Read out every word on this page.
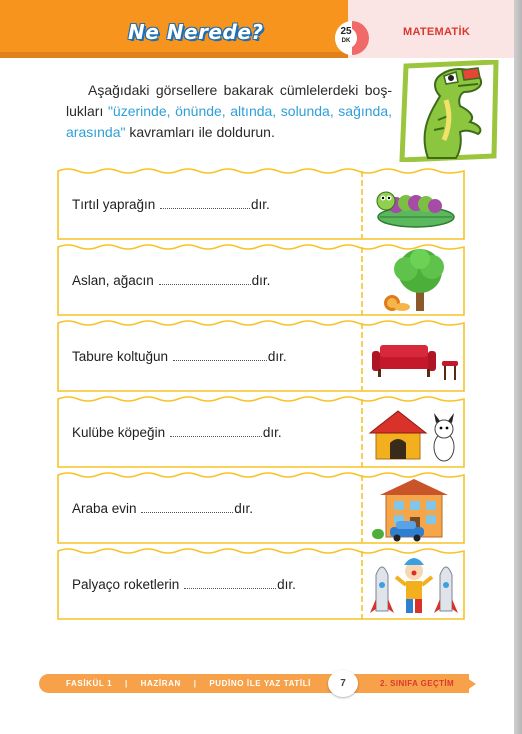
Ne Nerede?	25
DK
MATEMATİK

Aşağıdaki görsellere bakarak cümlelerdeki boş-lukları "üzerinde, önünde, altında, solunda, sağında, arasında" kavramları ile doldurun.

Tırtıl yaprağın	dır.
Aslan, ağacın	dır.
Tabure koltuğun	dır.
Kulübe köpeğin	dır.
Araba evin	dır.
Palyaço roketlerin	dır.
FASİKÜL 1 | HAZİRAN | PUDİNO İLE YAZ TATİLİ	7	2. SINIFA GEÇTİM
